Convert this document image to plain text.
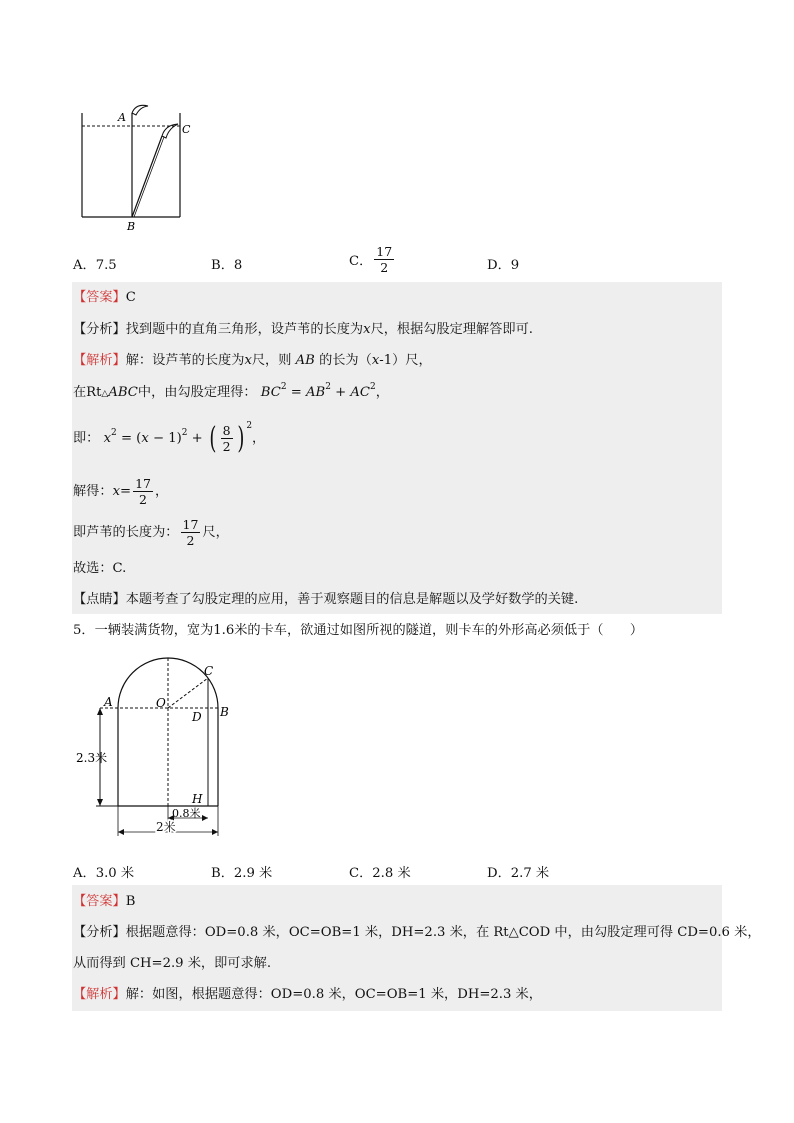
A
C
B
A．7.5	B．8	C． $\frac{17}{2}$	D．9
【答案】C
【分析】找到题中的直角三角形，设芦苇的长度为x尺，根据勾股定理解答即可.
【解析】解：设芦苇的长度为x尺，则 AB 的长为（x-1）尺，
在Rt△ABC中，由勾股定理得： $BC^2 = AB^2 + AC^2$，
即： $x^2 = (x - 1)^2$ + ( $\frac{8}{2}$ ) $^2$，
解得：$x= \frac{17}{2}$ ，
即芦苇的长度为： $\frac{17}{2}$ 尺，
故选：C.
【点睛】本题考查了勾股定理的应用，善于观察题目的信息是解题以及学好数学的关键.
5．一辆装满货物，宽为1.6米的卡车，欲通过如图所视的隧道，则卡车的外形高必须低于（　　）
A	O
C
D B
H
2.3米
0.8米
2米
A．3.0 米	B．2.9 米	C．2.8 米	D．2.7 米
【答案】B
【分析】根据题意得：OD=0.8 米，OC=OB=1 米，DH=2.3 米，在 Rt△COD 中，由勾股定理可得 CD=0.6 米，
从而得到 CH=2.9 米，即可求解.
【解析】解：如图，根据题意得：OD=0.8 米，OC=OB=1 米，DH=2.3 米，
